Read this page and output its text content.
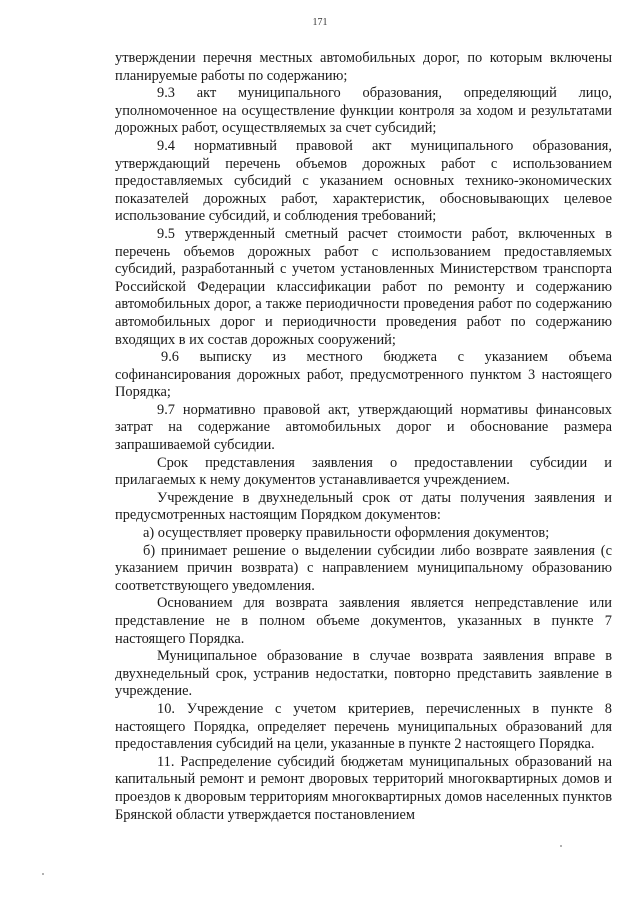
171

утверждении перечня местных автомобильных дорог, по которым включены планируемые работы по содержанию;

9.3 акт муниципального образования, определяющий лицо, уполномоченное на осуществление функции контроля за ходом и результатами дорожных работ, осуществляемых за счет субсидий;

9.4 нормативный правовой акт муниципального образования, утверждающий перечень объемов дорожных работ с использованием предоставляемых субсидий с указанием основных технико-экономических показателей дорожных работ, характеристик, обосновывающих целевое использование субсидий, и соблюдения требований;

9.5 утвержденный сметный расчет стоимости работ, включенных в перечень объемов дорожных работ с использованием предоставляемых субсидий, разработанный с учетом установленных Министерством транспорта Российской Федерации классификации работ по ремонту и содержанию автомобильных дорог, а также периодичности проведения работ по содержанию автомобильных дорог и периодичности проведения работ по содержанию входящих в их состав дорожных сооружений;

9.6 выписку из местного бюджета с указанием объема софинансирования дорожных работ, предусмотренного пунктом 3 настоящего Порядка;

9.7 нормативно правовой акт, утверждающий нормативы финансовых затрат на содержание автомобильных дорог и обоснование размера запрашиваемой субсидии.

Срок представления заявления о предоставлении субсидии и прилагаемых к нему документов устанавливается учреждением.

Учреждение в двухнедельный срок от даты получения заявления и предусмотренных настоящим Порядком документов:

а) осуществляет проверку правильности оформления документов;

б) принимает решение о выделении субсидии либо возврате заявления (с указанием причин возврата) с направлением муниципальному образованию соответствующего уведомления.

Основанием для возврата заявления является непредставление или представление не в полном объеме документов, указанных в пункте 7 настоящего Порядка.

Муниципальное образование в случае возврата заявления вправе в двухнедельный срок, устранив недостатки, повторно представить заявление в учреждение.

10. Учреждение с учетом критериев, перечисленных в пункте 8 настоящего Порядка, определяет перечень муниципальных образований для предоставления субсидий на цели, указанные в пункте 2 настоящего Порядка.

11. Распределение субсидий бюджетам муниципальных образований на капитальный ремонт и ремонт дворовых территорий многоквартирных домов и проездов к дворовым территориям многоквартирных домов населенных пунктов Брянской области утверждается постановлением
